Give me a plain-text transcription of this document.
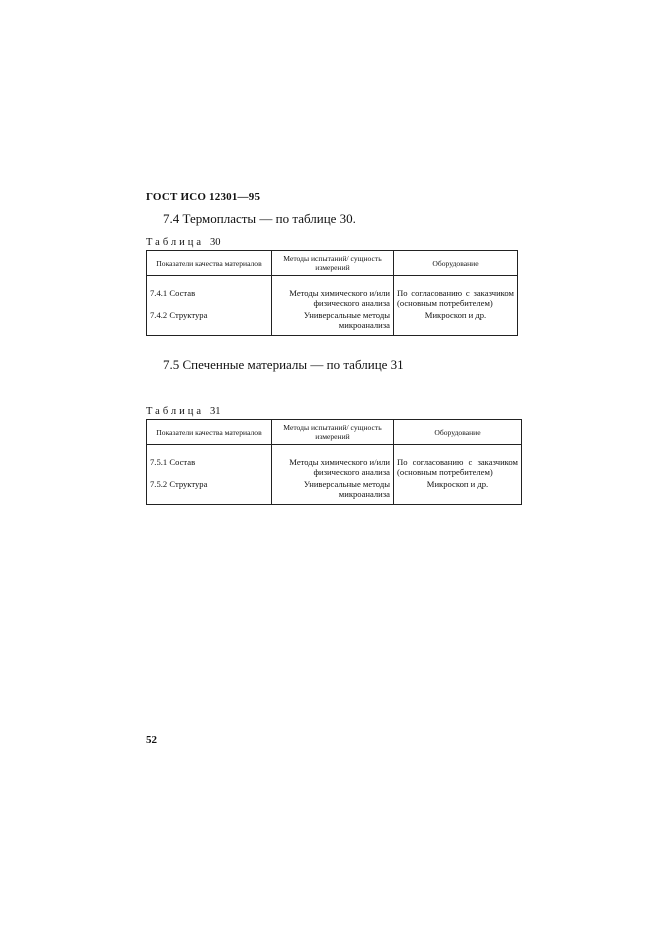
ГОСТ ИСО 12301—95
7.4 Термопласты — по таблице 30.
Таблица 30
Показатели качества материалов	Методы испытаний/ сущность измерений	Оборудование
7.4.1 Состав	Методы химического и/или физического анализа	По согласованию с заказчиком (основным потребителем)
7.4.2 Структура	Универсальные методы микроанализа	Микроскоп и др.
7.5 Спеченные материалы — по таблице 31
Таблица 31
Показатели качества материалов	Методы испытаний/ сущность измерений	Оборудование
7.5.1 Состав	Методы химического и/или физического анализа	По согласованию с заказчиком (основным потребителем)
7.5.2 Структура	Универсальные методы микроанализа	Микроскоп и др.
52
